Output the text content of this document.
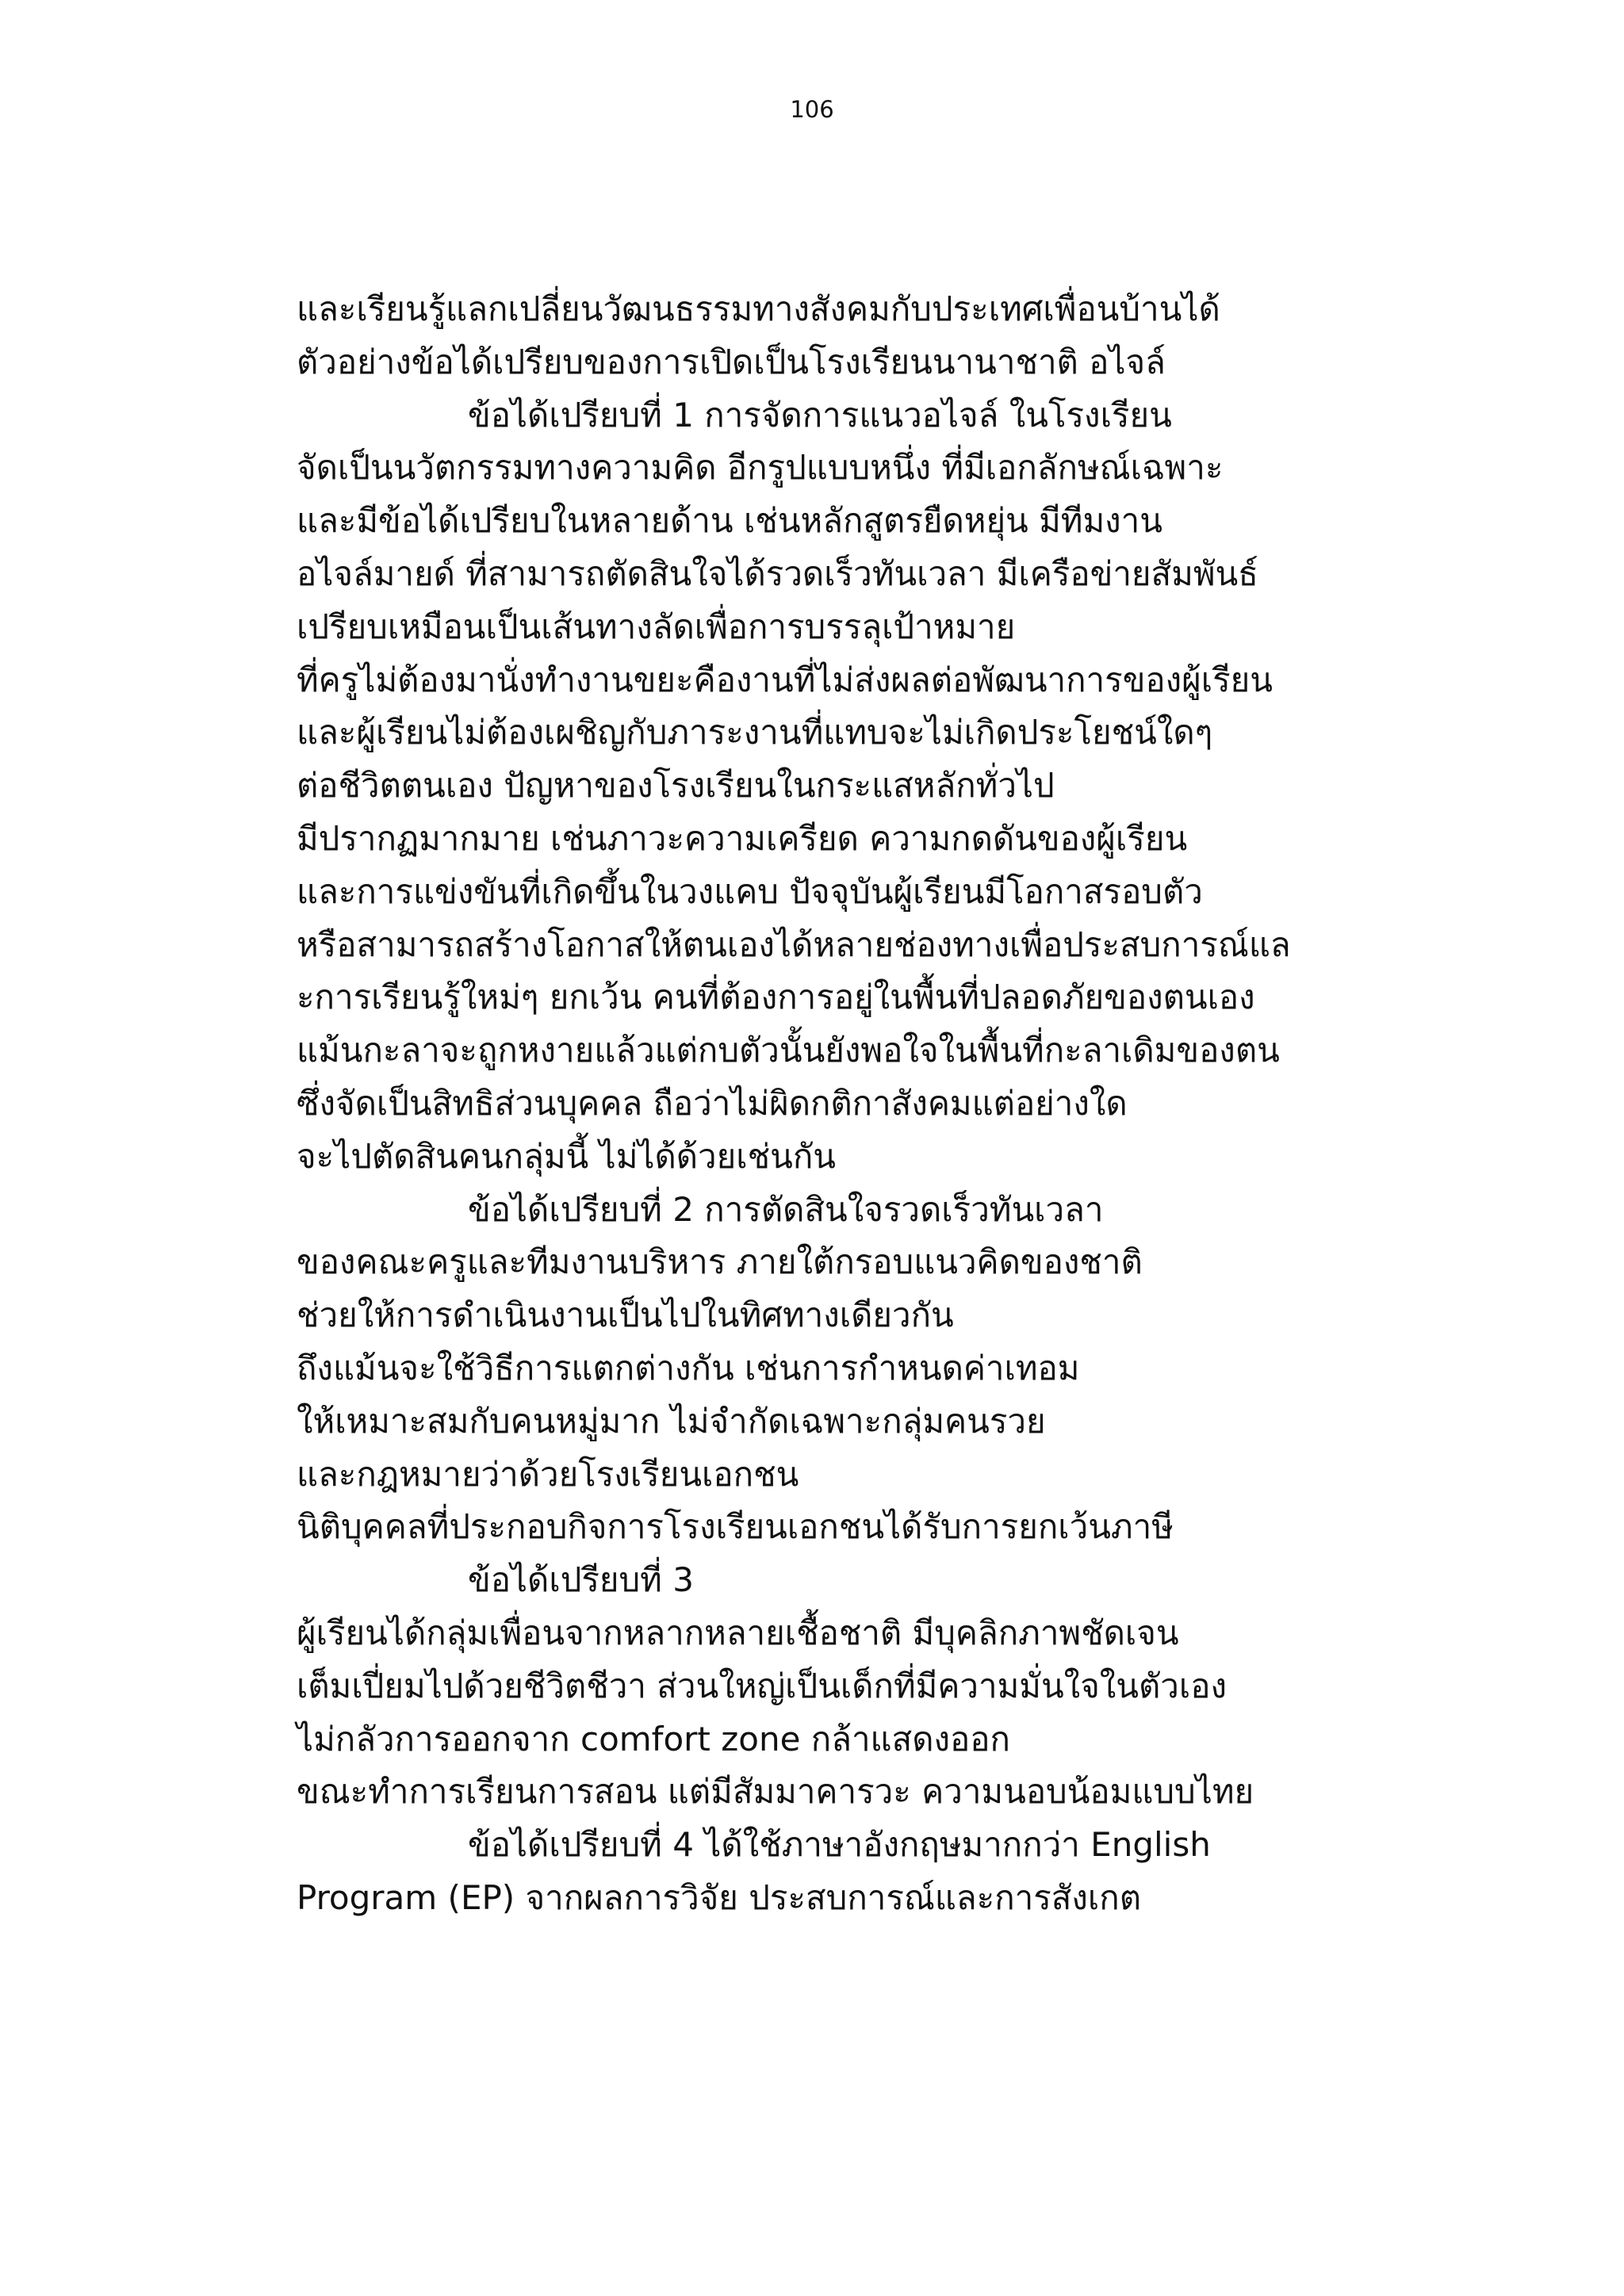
106
และเรียนรู้แลกเปลี่ยนวัฒนธรรมทางสังคมกับประเทศเพื่อนบ้านได้
ตัวอย่างข้อได้เปรียบของการเปิดเป็นโรงเรียนนานาชาติ อไจล์
ข้อได้เปรียบที่ 1 การจัดการแนวอไจล์ ในโรงเรียน
จัดเป็นนวัตกรรมทางความคิด อีกรูปแบบหนึ่ง ที่มีเอกลักษณ์เฉพาะ
และมีข้อได้เปรียบในหลายด้าน เช่นหลักสูตรยืดหยุ่น มีทีมงาน
อไจล์มายด์ ที่สามารถตัดสินใจได้รวดเร็วทันเวลา มีเครือข่ายสัมพันธ์
เปรียบเหมือนเป็นเส้นทางลัดเพื่อการบรรลุเป้าหมาย
ที่ครูไม่ต้องมานั่งทำงานขยะคืองานที่ไม่ส่งผลต่อพัฒนาการของผู้เรียน
และผู้เรียนไม่ต้องเผชิญกับภาระงานที่แทบจะไม่เกิดประโยชน์ใดๆ
ต่อชีวิตตนเอง ปัญหาของโรงเรียนในกระแสหลักทั่วไป
มีปรากฏมากมาย เช่นภาวะความเครียด ความกดดันของผู้เรียน
และการแข่งขันที่เกิดขึ้นในวงแคบ ปัจจุบันผู้เรียนมีโอกาสรอบตัว
หรือสามารถสร้างโอกาสให้ตนเองได้หลายช่องทางเพื่อประสบการณ์แล
ะการเรียนรู้ใหม่ๆ ยกเว้น คนที่ต้องการอยู่ในพื้นที่ปลอดภัยของตนเอง
แม้นกะลาจะถูกหงายแล้วแต่กบตัวนั้นยังพอใจในพื้นที่กะลาเดิมของตน
ซึ่งจัดเป็นสิทธิส่วนบุคคล ถือว่าไม่ผิดกติกาสังคมแต่อย่างใด
จะไปตัดสินคนกลุ่มนี้ ไม่ได้ด้วยเช่นกัน
ข้อได้เปรียบที่ 2 การตัดสินใจรวดเร็วทันเวลา
ของคณะครูและทีมงานบริหาร ภายใต้กรอบแนวคิดของชาติ
ช่วยให้การดำเนินงานเป็นไปในทิศทางเดียวกัน
ถึงแม้นจะใช้วิธีการแตกต่างกัน เช่นการกำหนดค่าเทอม
ให้เหมาะสมกับคนหมู่มาก ไม่จำกัดเฉพาะกลุ่มคนรวย
และกฎหมายว่าด้วยโรงเรียนเอกชน
นิติบุคคลที่ประกอบกิจการโรงเรียนเอกชนได้รับการยกเว้นภาษี
ข้อได้เปรียบที่ 3
ผู้เรียนได้กลุ่มเพื่อนจากหลากหลายเชื้อชาติ มีบุคลิกภาพชัดเจน
เต็มเปี่ยมไปด้วยชีวิตชีวา ส่วนใหญ่เป็นเด็กที่มีความมั่นใจในตัวเอง
ไม่กลัวการออกจาก comfort zone กล้าแสดงออก
ขณะทำการเรียนการสอน แต่มีสัมมาคารวะ ความนอบน้อมแบบไทย
ข้อได้เปรียบที่ 4 ได้ใช้ภาษาอังกฤษมากกว่า English
Program (EP) จากผลการวิจัย ประสบการณ์และการสังเกต
